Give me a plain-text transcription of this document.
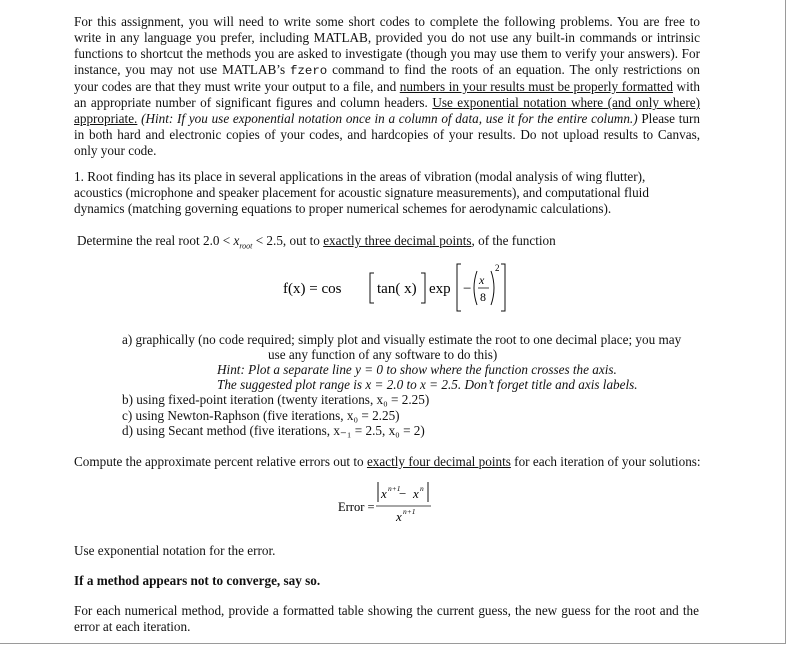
For this assignment, you will need to write some short codes to complete the following problems. You are free to
write in any language you prefer, including MATLAB, provided you do not use any built-in commands or intrinsic
functions to shortcut the methods you are asked to investigate (though you may use them to verify your answers). For
instance, you may not use MATLAB’s fzero command to find the roots of an equation. The only restrictions on
your codes are that they must write your output to a file, and numbers in your results must be properly formatted with
an appropriate number of significant figures and column headers. Use exponential notation where (and only where)
appropriate. (Hint: If you use exponential notation once in a column of data, use it for the entire column.) Please turn
in both hard and electronic copies of your codes, and hardcopies of your results. Do not upload results to Canvas,
only your code.
1. Root finding has its place in several applications in the areas of vibration (modal analysis of wing flutter),
acoustics (microphone and speaker placement for acoustic signature measurements), and computational fluid
dynamics (matching governing equations to proper numerical schemes for aerodynamic calculations).
Determine the real root $2.0 < x_{root} < 2.5$, out to exactly three decimal points, of the function
f(x) = cos tan( x) exp −
x
8
2
a) graphically (no code required; simply plot and visually estimate the root to one decimal place; you may
use any function of any software to do this)
Hint: Plot a separate line y = 0 to show where the function crosses the axis.
The suggested plot range is x = 2.0 to x = 2.5. Don’t forget title and axis labels.
b) using fixed-point iteration (twenty iterations, x₀ = 2.25)
c) using Newton-Raphson (five iterations, x₀ = 2.25)
d) using Secant method (five iterations, x₋₁ = 2.5, x₀ = 2)
Compute the approximate percent relative errors out to exactly four decimal points for each iteration of your solutions:
Error =
x n+1
− x n
x n+1
Use exponential notation for the error.
If a method appears not to converge, say so.
For each numerical method, provide a formatted table showing the current guess, the new guess for the root and the
error at each iteration.
